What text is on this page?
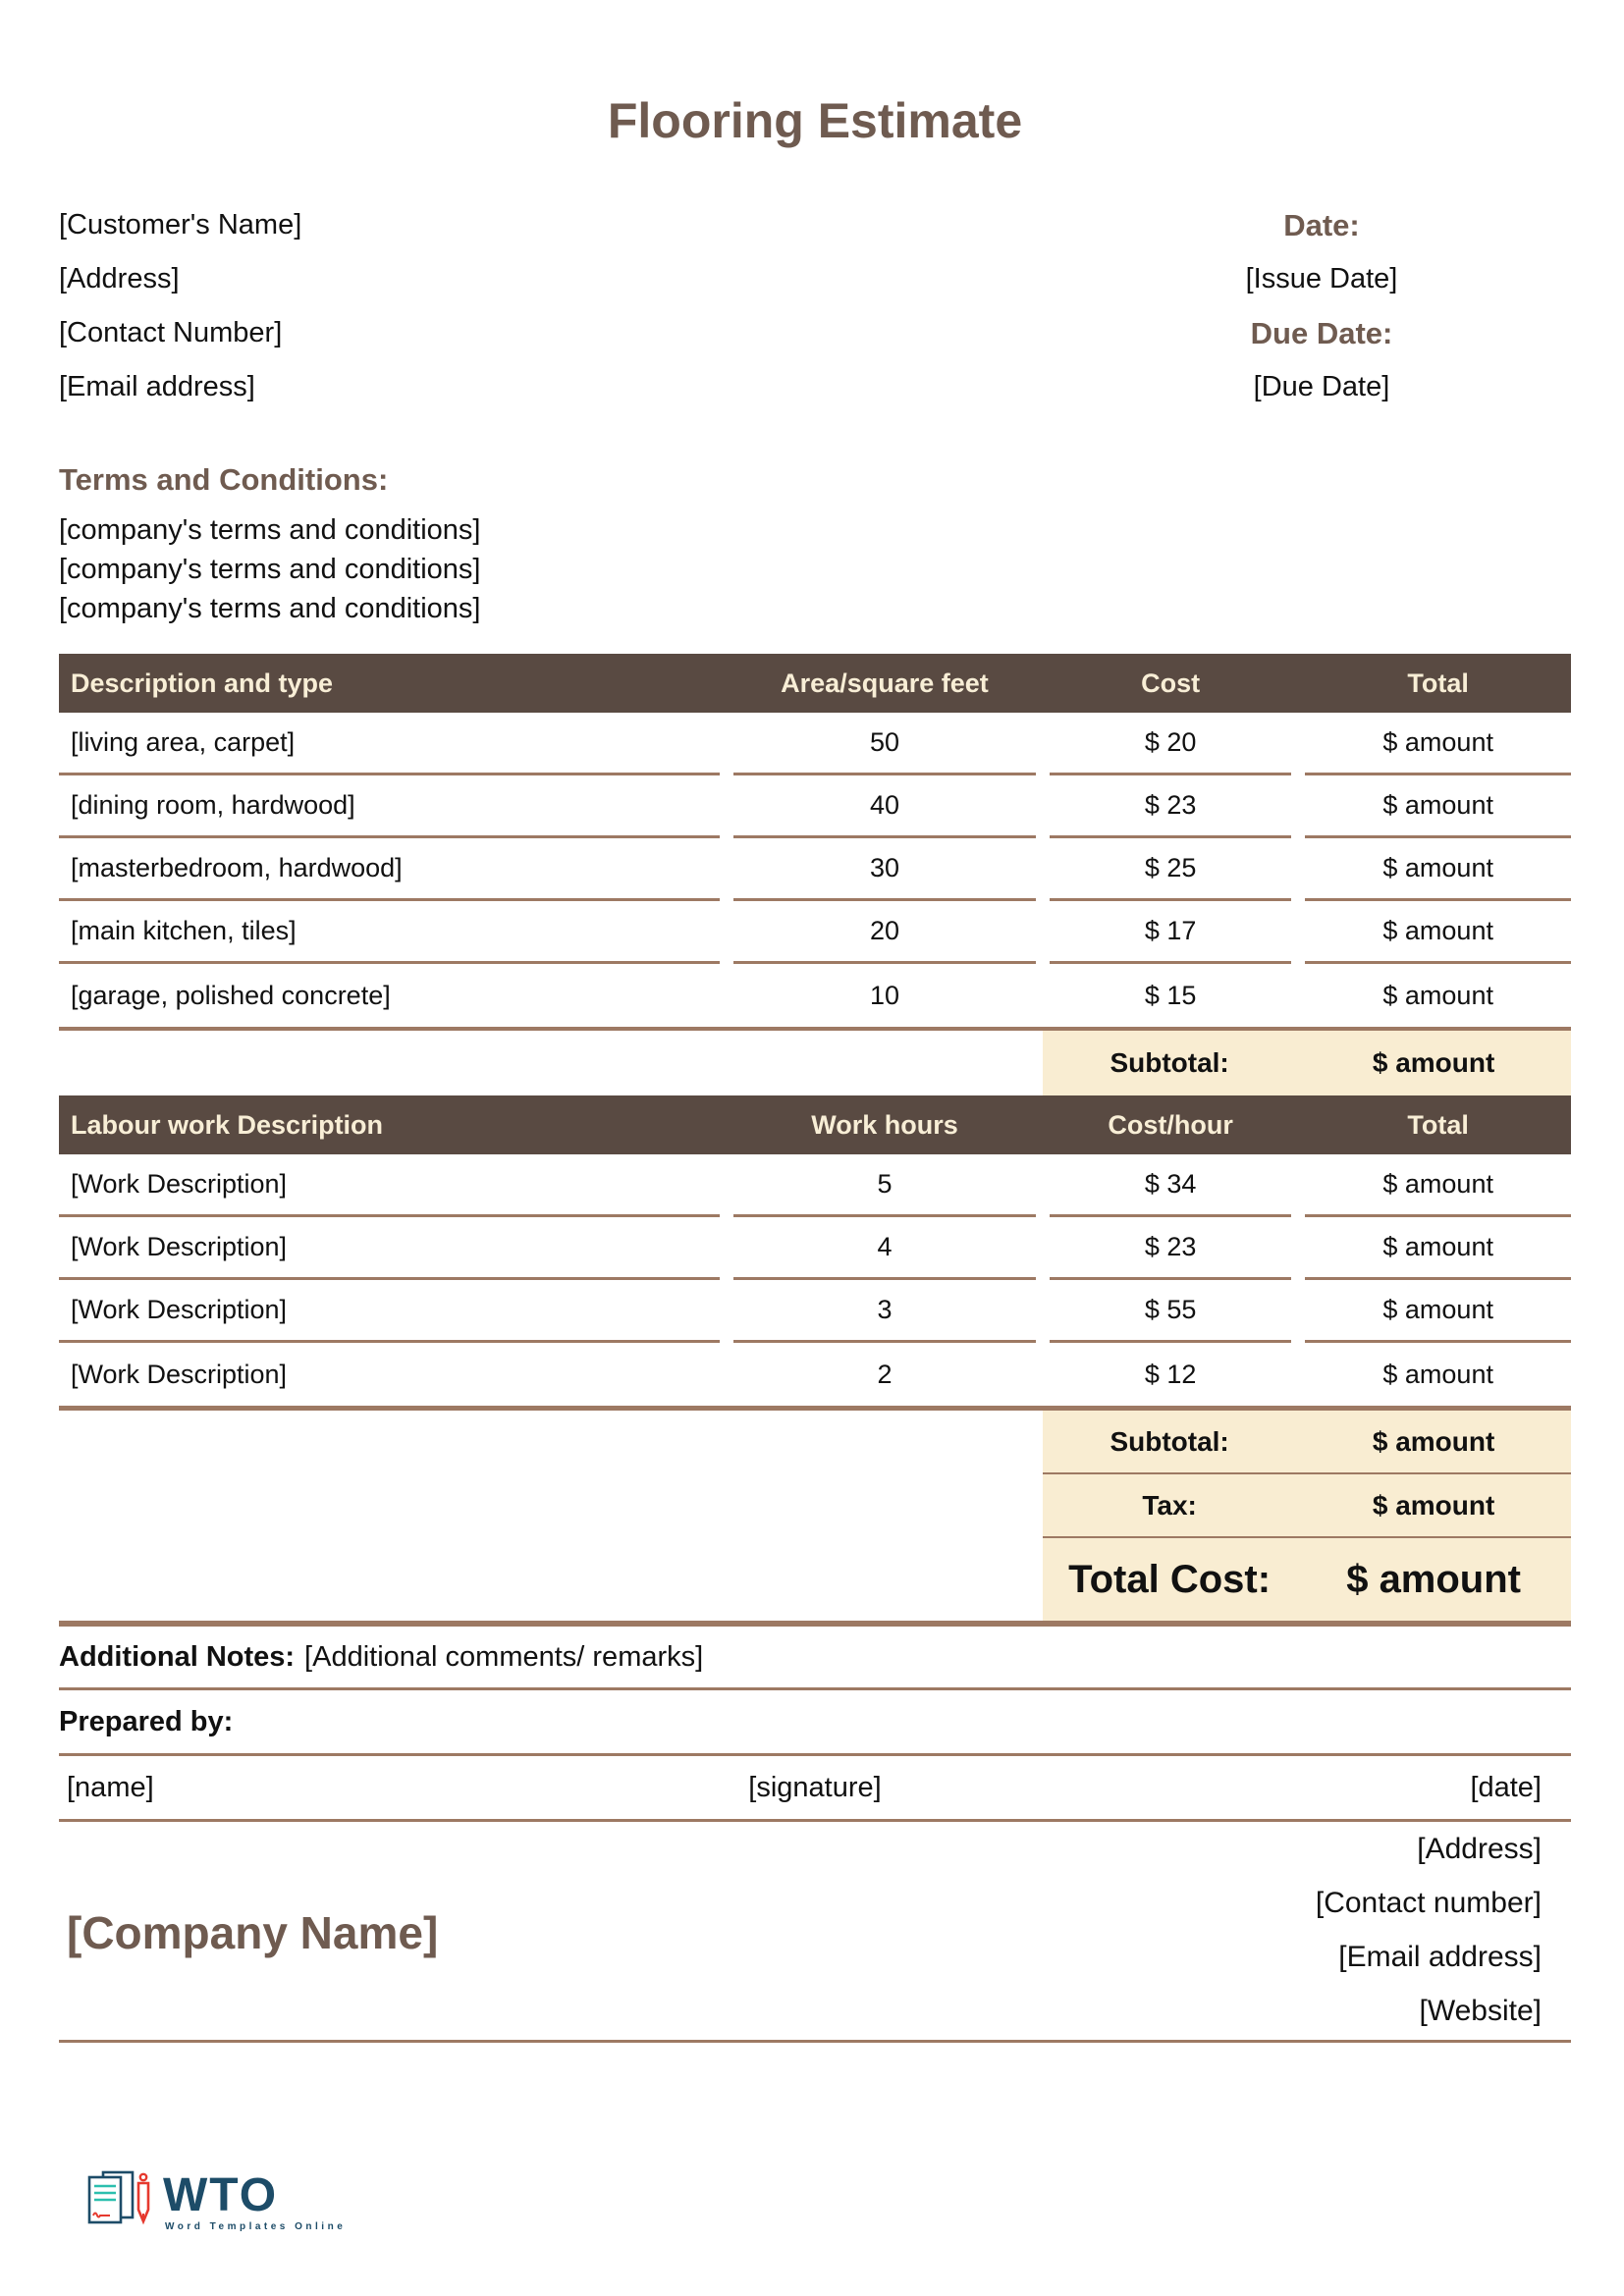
Flooring Estimate
[Customer's Name]
[Address]
[Contact Number]
[Email address]
Date:
[Issue Date]
Due Date:
[Due Date]
Terms and Conditions:
[company's terms and conditions]
[company's terms and conditions]
[company's terms and conditions]
Description and type	Area/square feet	Cost	Total
[living area, carpet]	50	$ 20	$ amount
[dining room, hardwood]	40	$ 23	$ amount
[masterbedroom, hardwood]	30	$ 25	$ amount
[main kitchen, tiles]	20	$ 17	$ amount
[garage, polished concrete]	10	$ 15	$ amount
Subtotal:	$ amount
Labour work Description	Work hours	Cost/hour	Total
[Work Description]	5	$ 34	$ amount
[Work Description]	4	$ 23	$ amount
[Work Description]	3	$ 55	$ amount
[Work Description]	2	$ 12	$ amount
Subtotal:	$ amount
Tax:	$ amount
Total Cost:	$ amount
Additional Notes: [Additional comments/ remarks]
Prepared by:
[name]	[signature]	[date]
[Company Name]
[Address]
[Contact number]
[Email address]
[Website]
WTO
Word Templates Online
